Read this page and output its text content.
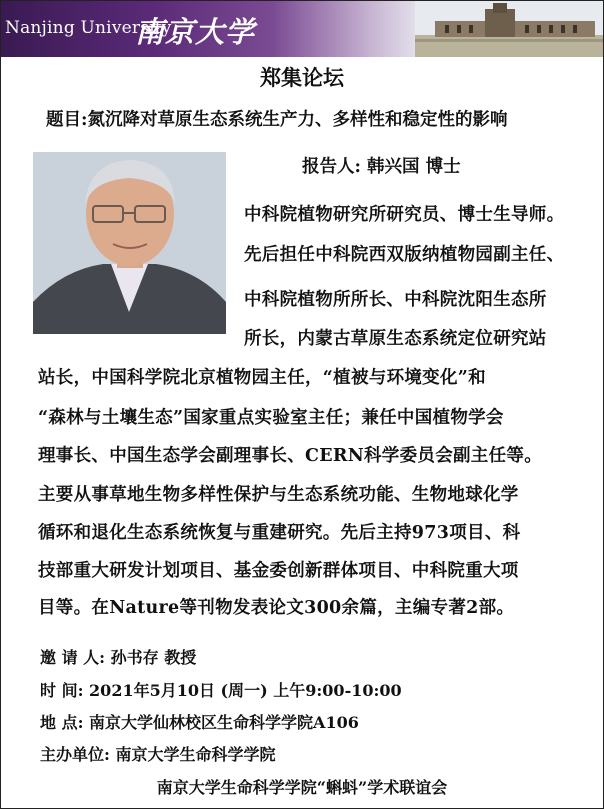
Nanjing University
南京大学
郑集论坛
题目:氮沉降对草原生态系统生产力、多样性和稳定性的影响
报告人: 韩兴国 博士
中科院植物研究所研究员、博士生导师。
先后担任中科院西双版纳植物园副主任、
中科院植物所所长、中科院沈阳生态所
所长，内蒙古草原生态系统定位研究站
站长，中国科学院北京植物园主任，“植被与环境变化”和
“森林与土壤生态”国家重点实验室主任；兼任中国植物学会
理事长、中国生态学会副理事长、CERN科学委员会副主任等。
主要从事草地生物多样性保护与生态系统功能、生物地球化学
循环和退化生态系统恢复与重建研究。先后主持973项目、科
技部重大研发计划项目、基金委创新群体项目、中科院重大项
目等。在Nature等刊物发表论文300余篇，主编专著2部。
邀 请 人: 孙书存 教授
时 间: 2021年5月10日 (周一) 上午9:00-10:00
地 点: 南京大学仙林校区生命科学学院A106
主办单位: 南京大学生命科学学院
南京大学生命科学学院“蝌蚪”学术联谊会
